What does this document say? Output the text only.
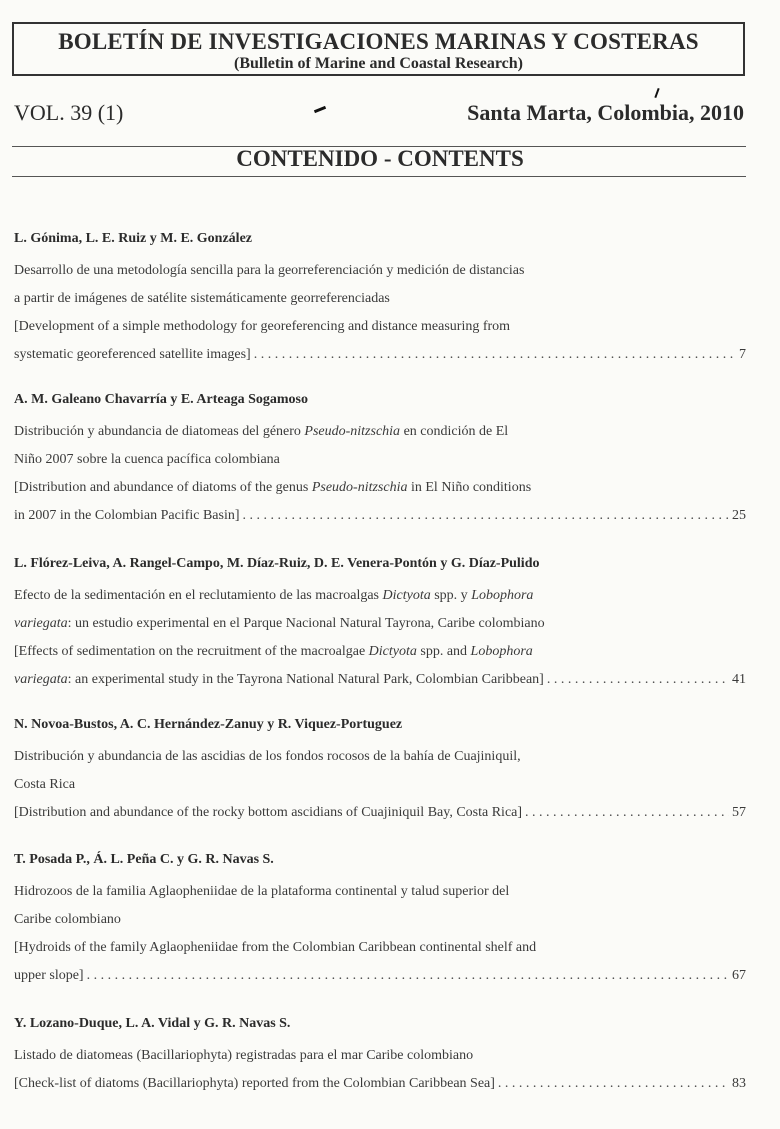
BOLETÍN DE INVESTIGACIONES MARINAS Y COSTERAS
(Bulletin of Marine and Coastal Research)
VOL. 39 (1)	Santa Marta, Colombia, 2010
CONTENIDO - CONTENTS
L. Gónima, L. E. Ruiz y M. E. González
Desarrollo de una metodología sencilla para la georreferenciación y medición de distancias
a partir de imágenes de satélite sistemáticamente georreferenciadas
[Development of a simple methodology for georeferencing and distance measuring from
systematic georeferenced satellite images] . . .	7
A. M. Galeano Chavarría y E. Arteaga Sogamoso
Distribución y abundancia de diatomeas del género Pseudo-nitzschia en condición de El
Niño 2007 sobre la cuenca pacífica colombiana
[Distribution and abundance of diatoms of the genus Pseudo-nitzschia in El Niño conditions
in 2007 in the Colombian Pacific Basin] . . .	25
L. Flórez-Leiva, A. Rangel-Campo, M. Díaz-Ruiz, D. E. Venera-Pontón y G. Díaz-Pulido
Efecto de la sedimentación en el reclutamiento de las macroalgas Dictyota spp. y Lobophora
variegata: un estudio experimental en el Parque Nacional Natural Tayrona, Caribe colombiano
[Effects of sedimentation on the recruitment of the macroalgae Dictyota spp. and Lobophora
variegata: an experimental study in the Tayrona National Natural Park, Colombian Caribbean] . . .	41
N. Novoa-Bustos, A. C. Hernández-Zanuy y R. Viquez-Portuguez
Distribución y abundancia de las ascidias de los fondos rocosos de la bahía de Cuajiniquil,
Costa Rica
[Distribution and abundance of the rocky bottom ascidians of Cuajiniquil Bay, Costa Rica] . . .	57
T. Posada P., Á. L. Peña C. y G. R. Navas S.
Hidrozoos de la familia Aglaopheniidae de la plataforma continental y talud superior del
Caribe colombiano
[Hydroids of the family Aglaopheniidae from the Colombian Caribbean continental shelf and
upper slope] . . .	67
Y. Lozano-Duque, L. A. Vidal y G. R. Navas S.
Listado de diatomeas (Bacillariophyta) registradas para el mar Caribe colombiano
[Check-list of diatoms (Bacillariophyta) reported from the Colombian Caribbean Sea] . . .	83
